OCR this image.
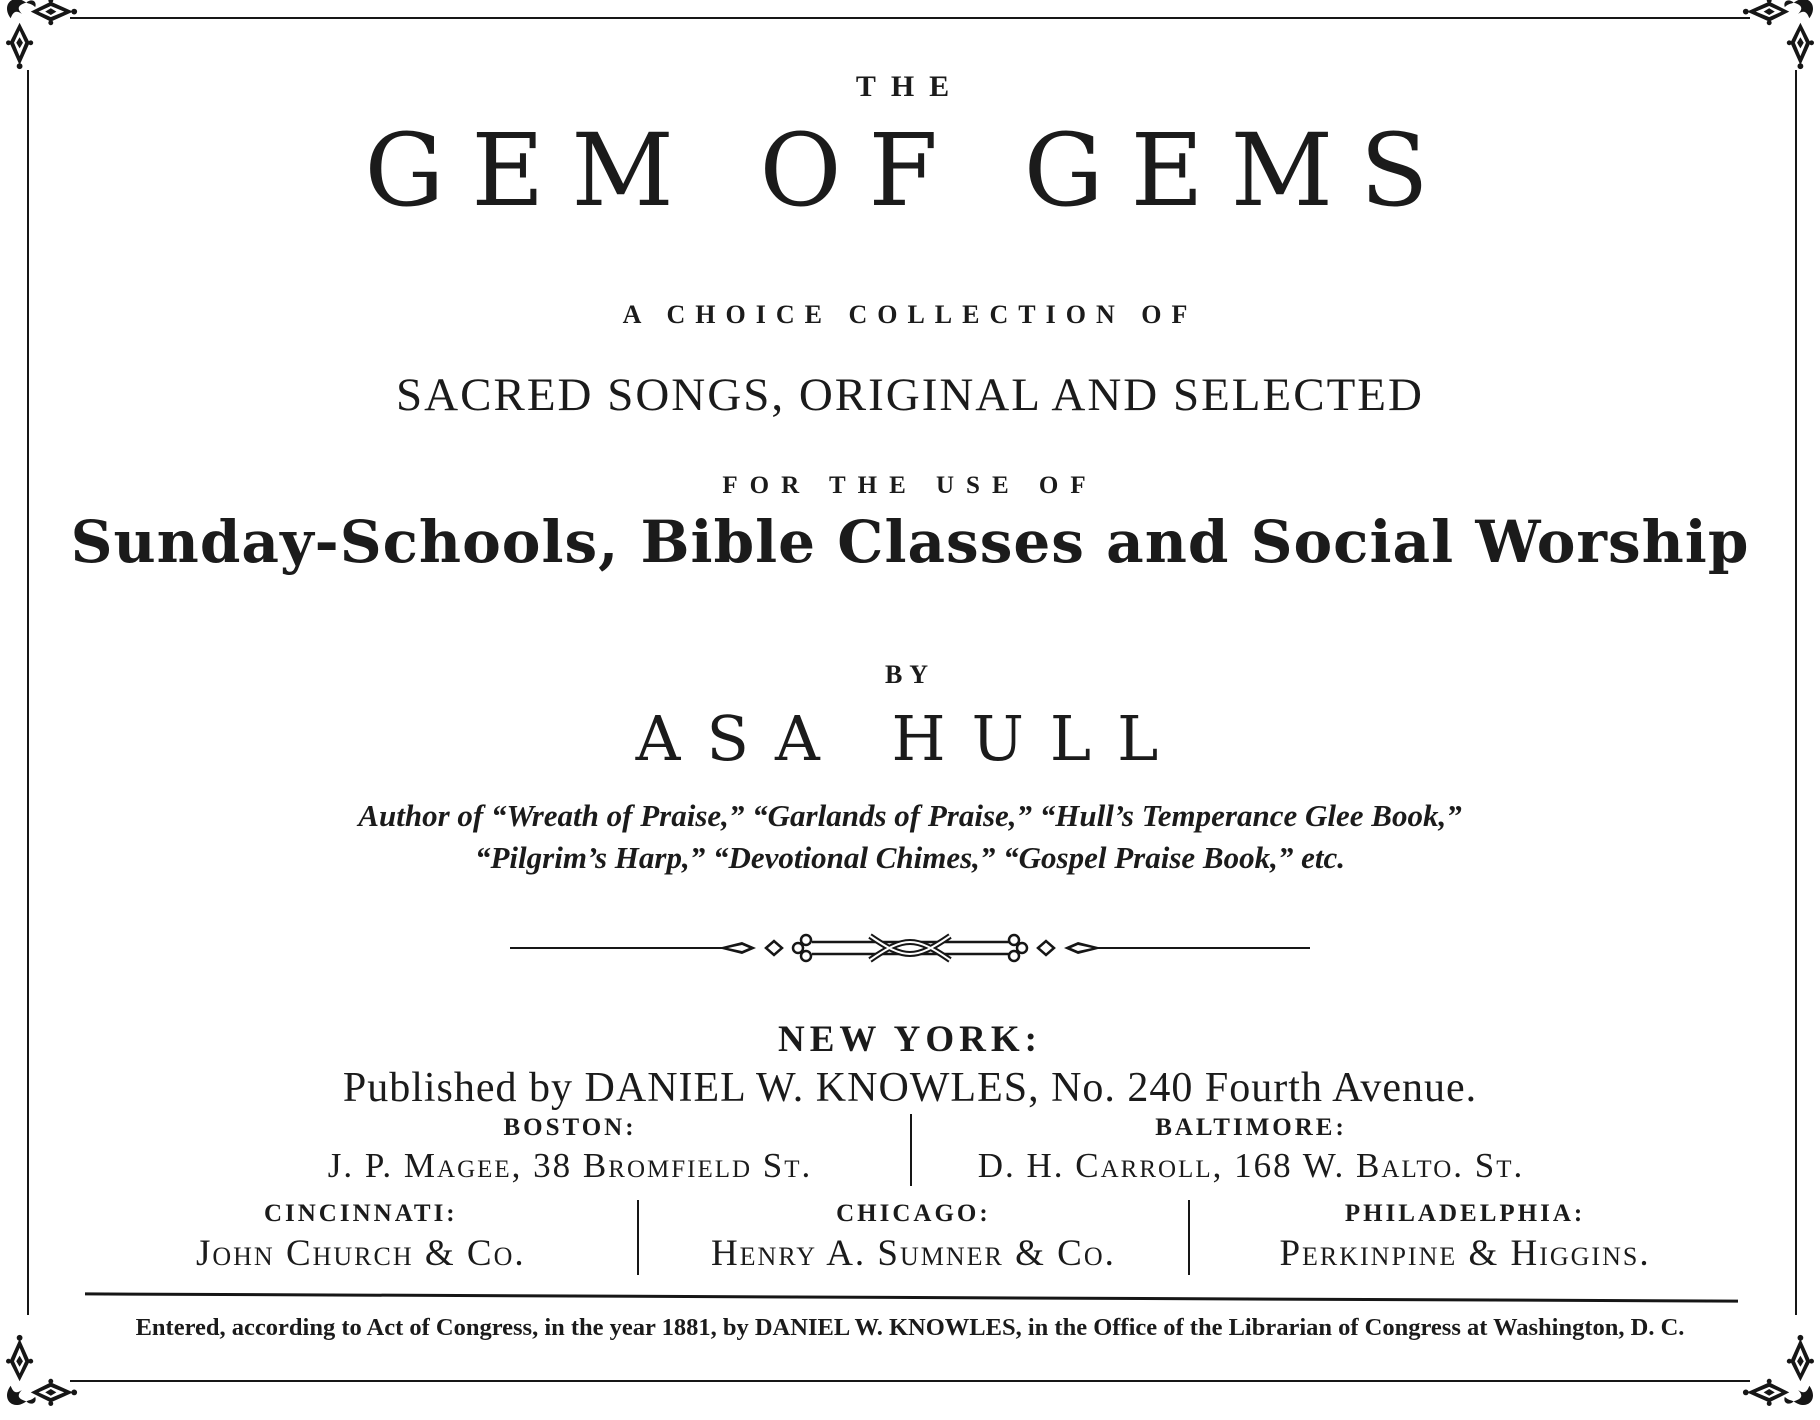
THE
GEM OF GEMS
A CHOICE COLLECTION OF
SACRED SONGS, ORIGINAL AND SELECTED
FOR THE USE OF
Sunday-Schools, Bible Classes and Social Worship
BY
ASA HULL
Author of “Wreath of Praise,” “Garlands of Praise,” “Hull’s Temperance Glee Book,”
“Pilgrim’s Harp,” “Devotional Chimes,” “Gospel Praise Book,” etc.
NEW YORK:
Published by DANIEL W. KNOWLES, No. 240 Fourth Avenue.
BOSTON:
J. P. Magee, 38 Bromfield St.
BALTIMORE:
D. H. Carroll, 168 W. Balto. St.
CINCINNATI:
John Church & Co.
CHICAGO:
Henry A. Sumner & Co.
PHILADELPHIA:
Perkinpine & Higgins.
Entered, according to Act of Congress, in the year 1881, by DANIEL W. KNOWLES, in the Office of the Librarian of Congress at Washington, D. C.
